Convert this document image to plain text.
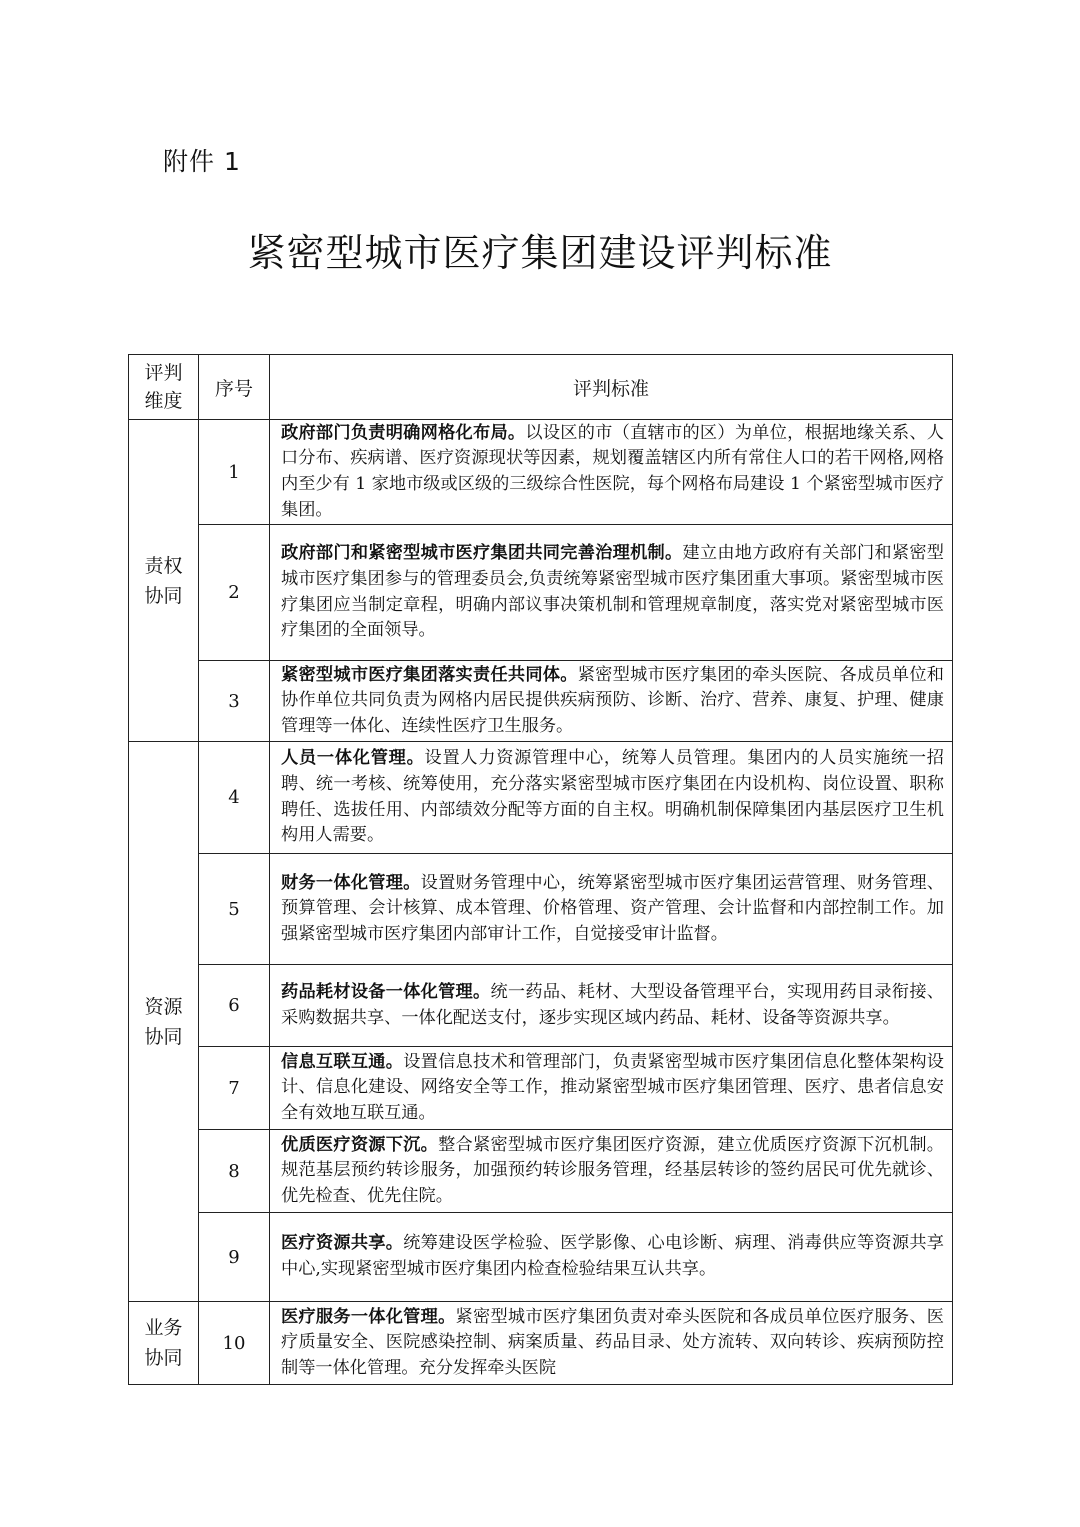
附件 1
紧密型城市医疗集团建设评判标准
评判维度	序号	评判标准
责权协同	1	政府部门负责明确网格化布局。以设区的市（直辖市的区）为单位，根据地缘关系、人口分布、疾病谱、医疗资源现状等因素，规划覆盖辖区内所有常住人口的若干网格,网格内至少有 1 家地市级或区级的三级综合性医院，每个网格布局建设 1 个紧密型城市医疗集团。
	2	政府部门和紧密型城市医疗集团共同完善治理机制。建立由地方政府有关部门和紧密型城市医疗集团参与的管理委员会,负责统筹紧密型城市医疗集团重大事项。紧密型城市医疗集团应当制定章程，明确内部议事决策机制和管理规章制度，落实党对紧密型城市医疗集团的全面领导。
	3	紧密型城市医疗集团落实责任共同体。紧密型城市医疗集团的牵头医院、各成员单位和协作单位共同负责为网格内居民提供疾病预防、诊断、治疗、营养、康复、护理、健康管理等一体化、连续性医疗卫生服务。
资源协同	4	人员一体化管理。设置人力资源管理中心，统筹人员管理。集团内的人员实施统一招聘、统一考核、统筹使用，充分落实紧密型城市医疗集团在内设机构、岗位设置、职称聘任、选拔任用、内部绩效分配等方面的自主权。明确机制保障集团内基层医疗卫生机构用人需要。
	5	财务一体化管理。设置财务管理中心，统筹紧密型城市医疗集团运营管理、财务管理、预算管理、会计核算、成本管理、价格管理、资产管理、会计监督和内部控制工作。加强紧密型城市医疗集团内部审计工作，自觉接受审计监督。
	6	药品耗材设备一体化管理。统一药品、耗材、大型设备管理平台，实现用药目录衔接、采购数据共享、一体化配送支付，逐步实现区域内药品、耗材、设备等资源共享。
	7	信息互联互通。设置信息技术和管理部门，负责紧密型城市医疗集团信息化整体架构设计、信息化建设、网络安全等工作，推动紧密型城市医疗集团管理、医疗、患者信息安全有效地互联互通。
	8	优质医疗资源下沉。整合紧密型城市医疗集团医疗资源，建立优质医疗资源下沉机制。规范基层预约转诊服务，加强预约转诊服务管理，经基层转诊的签约居民可优先就诊、优先检查、优先住院。
	9	医疗资源共享。统筹建设医学检验、医学影像、心电诊断、病理、消毒供应等资源共享中心,实现紧密型城市医疗集团内检查检验结果互认共享。
业务协同	10	医疗服务一体化管理。紧密型城市医疗集团负责对牵头医院和各成员单位医疗服务、医疗质量安全、医院感染控制、病案质量、药品目录、处方流转、双向转诊、疾病预防控制等一体化管理。充分发挥牵头医院
